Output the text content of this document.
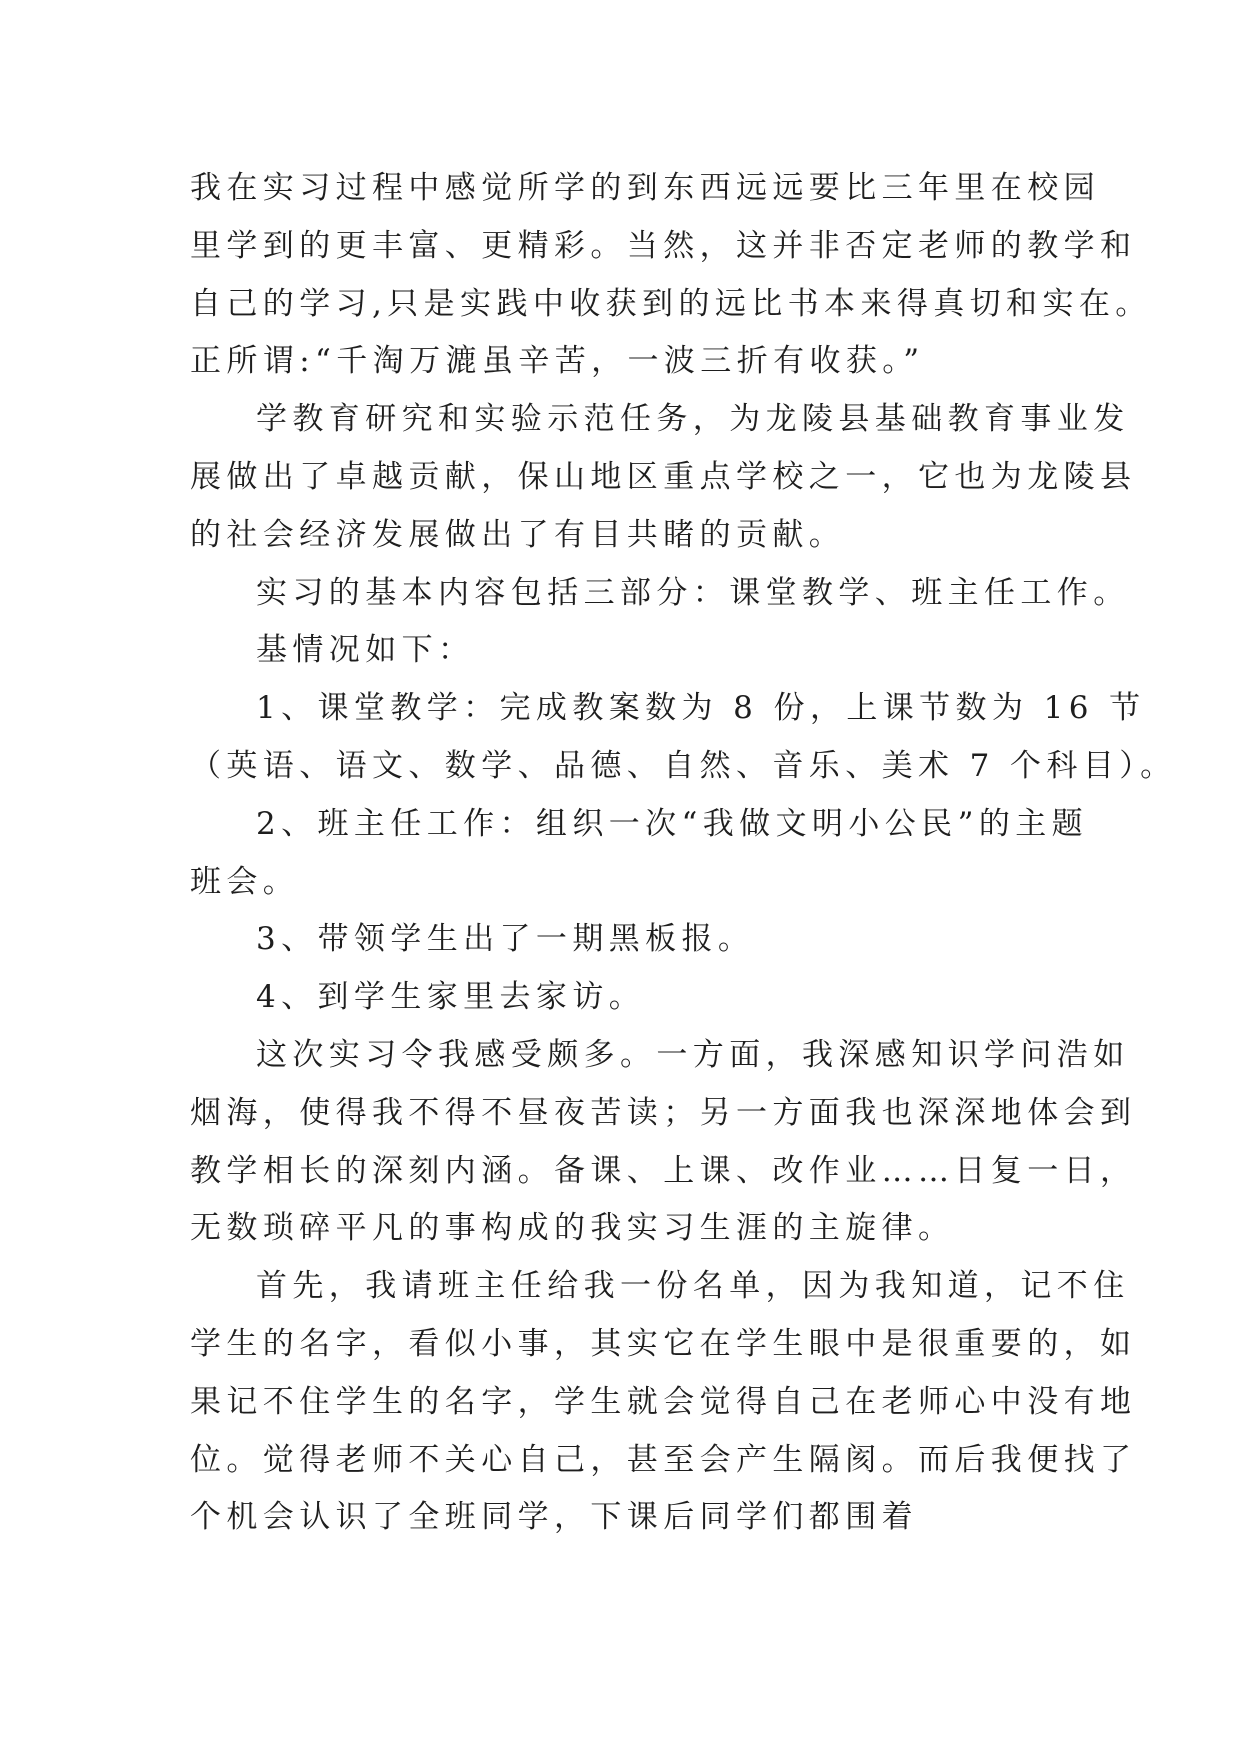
我在实习过程中感觉所学的到东西远远要比三年里在校园
里学到的更丰富、更精彩。当然，这并非否定老师的教学和
自己的学习,只是实践中收获到的远比书本来得真切和实在。
正所谓:“千淘万漉虽辛苦，一波三折有收获。”
学教育研究和实验示范任务，为龙陵县基础教育事业发
展做出了卓越贡献，保山地区重点学校之一，它也为龙陵县
的社会经济发展做出了有目共睹的贡献。
实习的基本内容包括三部分：课堂教学、班主任工作。
基情况如下：
1、课堂教学：完成教案数为 8 份，上课节数为 16 节
（英语、语文、数学、品德、自然、音乐、美术 7 个科目）。
2、班主任工作：组织一次“我做文明小公民”的主题
班会。
3、带领学生出了一期黑板报。
4、到学生家里去家访。
这次实习令我感受颇多。一方面，我深感知识学问浩如
烟海，使得我不得不昼夜苦读；另一方面我也深深地体会到
教学相长的深刻内涵。备课、上课、改作业……日复一日，
无数琐碎平凡的事构成的我实习生涯的主旋律。
首先，我请班主任给我一份名单，因为我知道，记不住
学生的名字，看似小事，其实它在学生眼中是很重要的，如
果记不住学生的名字，学生就会觉得自己在老师心中没有地
位。觉得老师不关心自己，甚至会产生隔阂。而后我便找了
个机会认识了全班同学，下课后同学们都围着
